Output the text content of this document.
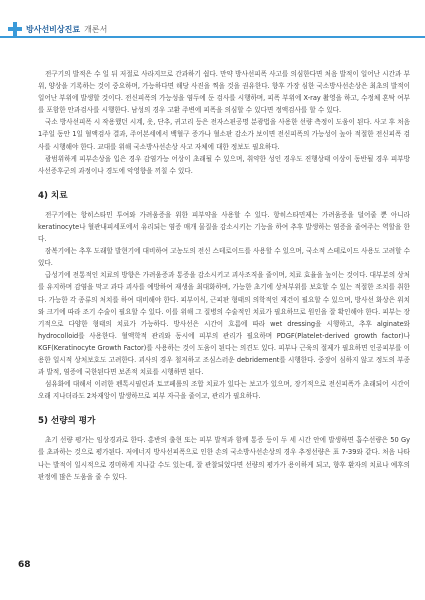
방사선비상진료 개론서

전구기의 발적은 수 일 뒤 저절로 사라지므로 간과하기 쉽다. 만약 방사선피폭 사고를 의심한다면 처음 발적이 일어난 시간과 부위, 양상을 기록하는 것이 중요하며, 가능하다면 해당 사진을 찍을 것을 권유한다. 향후 가장 심한 국소방사선손상은 최초의 발적이 일어난 부위에 발생할 것이다. 전신피폭의 가능성을 염두에 둔 검사를 시행하며, 피폭 부위에 X-ray 촬영을 하고, 수정체 혼탁 여부를 포함한 안과검사를 시행한다. 남성의 경우 고환 주변에 피폭을 의심할 수 있다면 정액검사를 할 수 있다.

국소 방사선피폭 시 작용했던 시계, 옷, 단추, 귀고리 등은 전자스핀공명 분광법을 사용한 선량 측정이 도움이 된다. 사고 후 처음 1주일 동안 1일 혈액검사 결과, 주어본세에서 백혈구 증가나 혈소판 감소가 보이면 전신피폭의 가능성이 높아 적절한 전신피폭 검사를 시행해야 한다. 교대를 위해 국소방사선손상 사고 자체에 대한 정보도 필요하다.

광범위하게 피부손상을 입은 경우 감염가능 어상이 초래될 수 있으며, 취약한 성인 경우도 진행상태 이상이 동반될 경우 피부방사선증후군의 과정이나 경도에 악영향을 끼칠 수 있다.

4) 치료

전구기에는 항히스타민 투여와 가려움증을 위한 피부약을 사용할 수 있다. 항히스타민제는 가려움증을 덜어줄 뿐 아니라 keratinocyte나 혈관내피세포에서 유리되는 염증 매개 물질을 감소시키는 기능을 하여 추후 발생하는 염증을 줄여주는 역할을 한다.

잠복기에는 추후 도래할 발현기에 대비하여 고농도의 전신 스테로이드를 사용할 수 있으며, 국소적 스테로이드 사용도 고려할 수 있다.

급성기에 전통적인 치료의 방향은 가려움증과 통증을 감소시키고 괴사조직을 줄이며, 치료 효율을 높이는 것이다. 대부분의 상처를 유지하며 감염을 막고 과다 괴사를 예방하여 재생을 최대화하며, 가능한 초기에 상처부위를 보호할 수 있는 적절한 조치를 취한다. 가능한 각 종류의 처치를 하여 대비해야 한다. 피부이식, 근피판 형태의 의학적인 재건이 필요할 수 있으며, 방사선 화상은 위치와 크기에 따라 조기 수술이 필요할 수 있다. 이를 위해 그 질병의 수술적인 치료가 필요하므로 원인을 잘 확인해야 한다. 피부는 장기적으로 다양한 형태의 치료가 가능하다. 방사선은 시간이 흐름에 따라 wet dressing을 시행하고, 추후 alginate와 hydrocolloid를 사용한다. 혈액학적 관리와 동시에 피부의 관리가 필요하며 PDGF(Platelet-derived growth factor)나 KGF(Keratinocyte Growth Factor)를 사용하는 것이 도움이 된다는 의견도 있다. 피부나 근육의 절제가 필요하면 인공피부를 이용한 일시적 상처보호도 고려한다. 괴사의 경우 철저하고 조심스러운 debridement를 시행한다. 중장이 심하지 않고 정도의 부종과 발적, 염증에 국한된다면 보존적 치료를 시행하면 된다.

섬유화에 대해서 이러한 펜톡시필린과 토코페롤의 조합 치료가 있다는 보고가 있으며, 장기적으로 전신피폭가 초래되어 시간이 오래 지나더라도 2차재앙이 발생하므로 피부 자극을 줄이고, 관리가 필요하다.

5) 선량의 평가

초기 선량 평가는 임상경과로 한다. 홍반의 출현 또는 피부 발적과 함께 통증 등이 두 세 시간 안에 발생하면 흡수선량은 50 Gy를 초과하는 것으로 평가된다. 저에너지 방사선피폭으로 인한 손의 국소방사선손상의 경우 추정선량은 표 7-39와 같다. 처음 나타나는 발적이 일시적으로 경미하게 지나갈 수도 있는데, 잘 관찰되었다면 선량의 평가가 용이하게 되고, 향후 환자의 치료나 예후의 판정에 많은 도움을 줄 수 있다.

68
